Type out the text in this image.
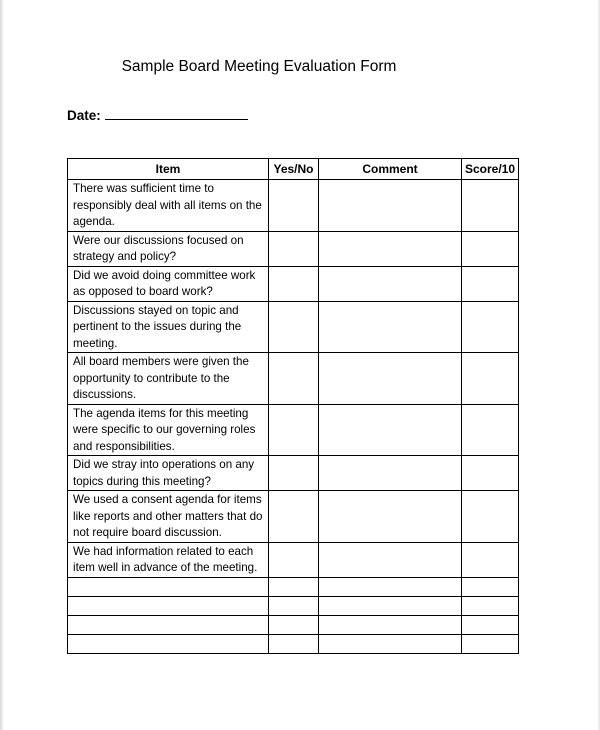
Sample Board Meeting Evaluation Form
Date:
Item	Yes/No	Comment	Score/10
There was sufficient time to responsibly deal with all items on the agenda.			
Were our discussions focused on strategy and policy?			
Did we avoid doing committee work as opposed to board work?			
Discussions stayed on topic and pertinent to the issues during the meeting.			
All board members were given the opportunity to contribute to the discussions.			
The agenda items for this meeting were specific to our governing roles and responsibilities.			
Did we stray into operations on any topics during this meeting?			
We used a consent agenda for items like reports and other matters that do not require board discussion.			
We had information related to each item well in advance of the meeting.			
